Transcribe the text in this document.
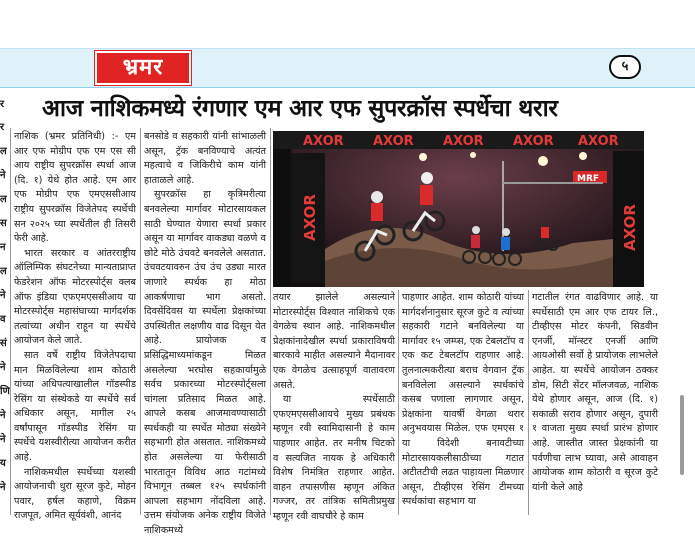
भ्रमर	५
र
र
ल
ने
ल
स
न
ल
ने
व
सं
ने
णि
ने
ने
य
ने
आज नाशिकमध्ये रंगणार एम आर एफ सुपरक्रॉस स्पर्धेचा थरार

नाशिक (भ्रमर प्रतिनिधी) :- एम आर एफ मोग्रीप एफ एम एस सी आय राष्ट्रीय सुपरक्रॉस स्पर्धा आज (दि. १) येथे होत आहे. एम आर एफ मोग्रीप एफ एमएससीआय राष्ट्रीय सुपरक्रॉस विजेतेपद स्पर्धेची सन २०२५ च्या स्पर्धेतील ही तिसरी फेरी आहे.

भारत सरकार व आंतरराष्ट्रीय ऑलिम्पिक संघटनेच्या मान्यताप्राप्त फेडरेशन ऑफ मोटरस्पोर्ट्स क्लब ऑफ इंडिया एफएमएससीआय या मोटरस्पोर्ट्स महासंघाच्या मार्गदर्शक तत्वांच्या अधीन राहून या स्पर्धेचे आयोजन केले जाते.

सात वर्षे राष्ट्रीय विजेतेपदाचा मान मिळविलेल्या शाम कोठारी यांच्या अधिपत्याखालील गॉडस्पीड रेसिंग या संस्थेकडे या स्पर्धेचे सर्व अधिकार असून, मागील २५ वर्षांपासून गॉडस्पीड रेसिंग या स्पर्धेचे यशस्वीरीत्या आयोजन करीत आहे.

नाशिकमधील स्पर्धेच्या यशस्वी आयोजनाची धुरा सूरज कुटे, मोहन पवार, हर्षल कहाणे, विक्रम राजपूत, अमित सूर्यवंशी, आनंद

बनसोडे व सहकारी यांनी सांभाळली असून, ट्रॅक बनविण्याचे अत्यंत महत्वाचे व जिकिरीचे काम यांनी हाताळले आहे.

सुपरक्रॉस हा कृत्रिमरीत्या बनवलेल्या मार्गावर मोटारसायकल साठी घेण्यात येणारा स्पर्धा प्रकार असून या मार्गावर वाकड्या वळणे व छोटे मोठे उंचवटे बनवलेले असतात. उंचवटयावरुन उंच उंच उड्या मारत जाणारे स्पर्धक हा मोठा आकर्षणाचा भाग असतो. दिवसेंदिवस या स्पर्धेला प्रेक्षकांच्या उपस्थितीत लक्षणीय वाढ दिसून येत आहे. प्रायोजक व प्रसिद्धिमाध्यमांकडून मिळत असलेल्या भरघोस सहकार्यामुळे सर्वच प्रकारच्या मोटरस्पोर्ट्सला चांगला प्रतिसाद मिळत आहे. आपले कसब आजमावण्यासाठी स्पर्धकही या स्पर्धेत मोठ्या संख्येने सहभागी होत असतात. नाशिकमध्ये होत असलेल्या या फेरीसाठी भारतातून विविध आठ गटांमध्ये विभागून तब्बल १२५ स्पर्धकांनी आपला सहभाग नोंदविला आहे. उत्तम संयोजक अनेक राष्ट्रीय विजेते नाशिकमध्ये

AXOR AXOR AXOR AXOR AXOR
AXOR	AXOR
MRF

तयार झालेले असल्याने मोटारस्पोर्ट्स विश्वात नाशिकचे एक वेगळेच स्थान आहे. नाशिकमधील प्रेक्षकांनादेखील स्पर्धा प्रकाराविषयी बारकावे माहीत असल्याने मैदानावर एक वेगळेच उत्साहपूर्ण वातावरण असते.

या स्पर्धेसाठी एफएमएससीआयचे मुख्य प्रबंधक म्हणून रवी स्वामिदासानी हे काम पाहणार आहेत. तर मनीष चिटको व सत्यजित नायक हे अधिकारी विशेष निमंत्रित राहणार आहेत. वाहन तपासणीस म्हणून अंकित गज्जर, तर तांत्रिक समितीप्रमुख म्हणून रवी वाघचौरे हे काम

पाहणार आहेत. शाम कोठारी यांच्या मार्गदर्शनानुसार सूरज कुटे व त्यांच्या सहकारी गटाने बनविलेल्या या मार्गावर १५ जम्प्स, एक टेबलटॉप व एक कट टेबलटॉप राहणार आहे. तुलनात्मकरीत्या बराच वेगवान ट्रॅक बनविलेला असल्याने स्पर्धकांचे कसब पणाला लागणार असून, प्रेक्षकांना यावर्षी वेगळा थरार अनुभवयास मिळेल. एफ एमएस १ या विदेशी बनावटीच्या मोटारसायकलीसाठीच्या गटात अटीतटीची लढत पाहायला मिळणार असून, टीव्हीएस रेसिंग टीमच्या स्पर्धकांचा सहभाग या

गटातील रंगत वाढविणार आहे. या स्पर्धेसाठी एम आर एफ टायर लि., टीव्हीएस मोटर कंपनी, सिडवीन एनर्जी, मॉन्स्टर एनर्जी आणि आयओसी सर्वो हे प्रायोजक लाभलेले आहेत. या स्पर्धेचे आयोजन ठक्कर डोम, सिटी सेंटर मॉलजवळ, नाशिक येथे होणार असून, आज (दि. १) सकाळी सराव होणार असून, दुपारी १ वाजता मुख्य स्पर्धा प्रारंभ होणार आहे. जास्तीत जास्त प्रेक्षकांनी या पर्वणीचा लाभ घ्यावा, असे आवाहन आयोजक शाम कोठारी व सूरज कुटे यांनी केले आहे
